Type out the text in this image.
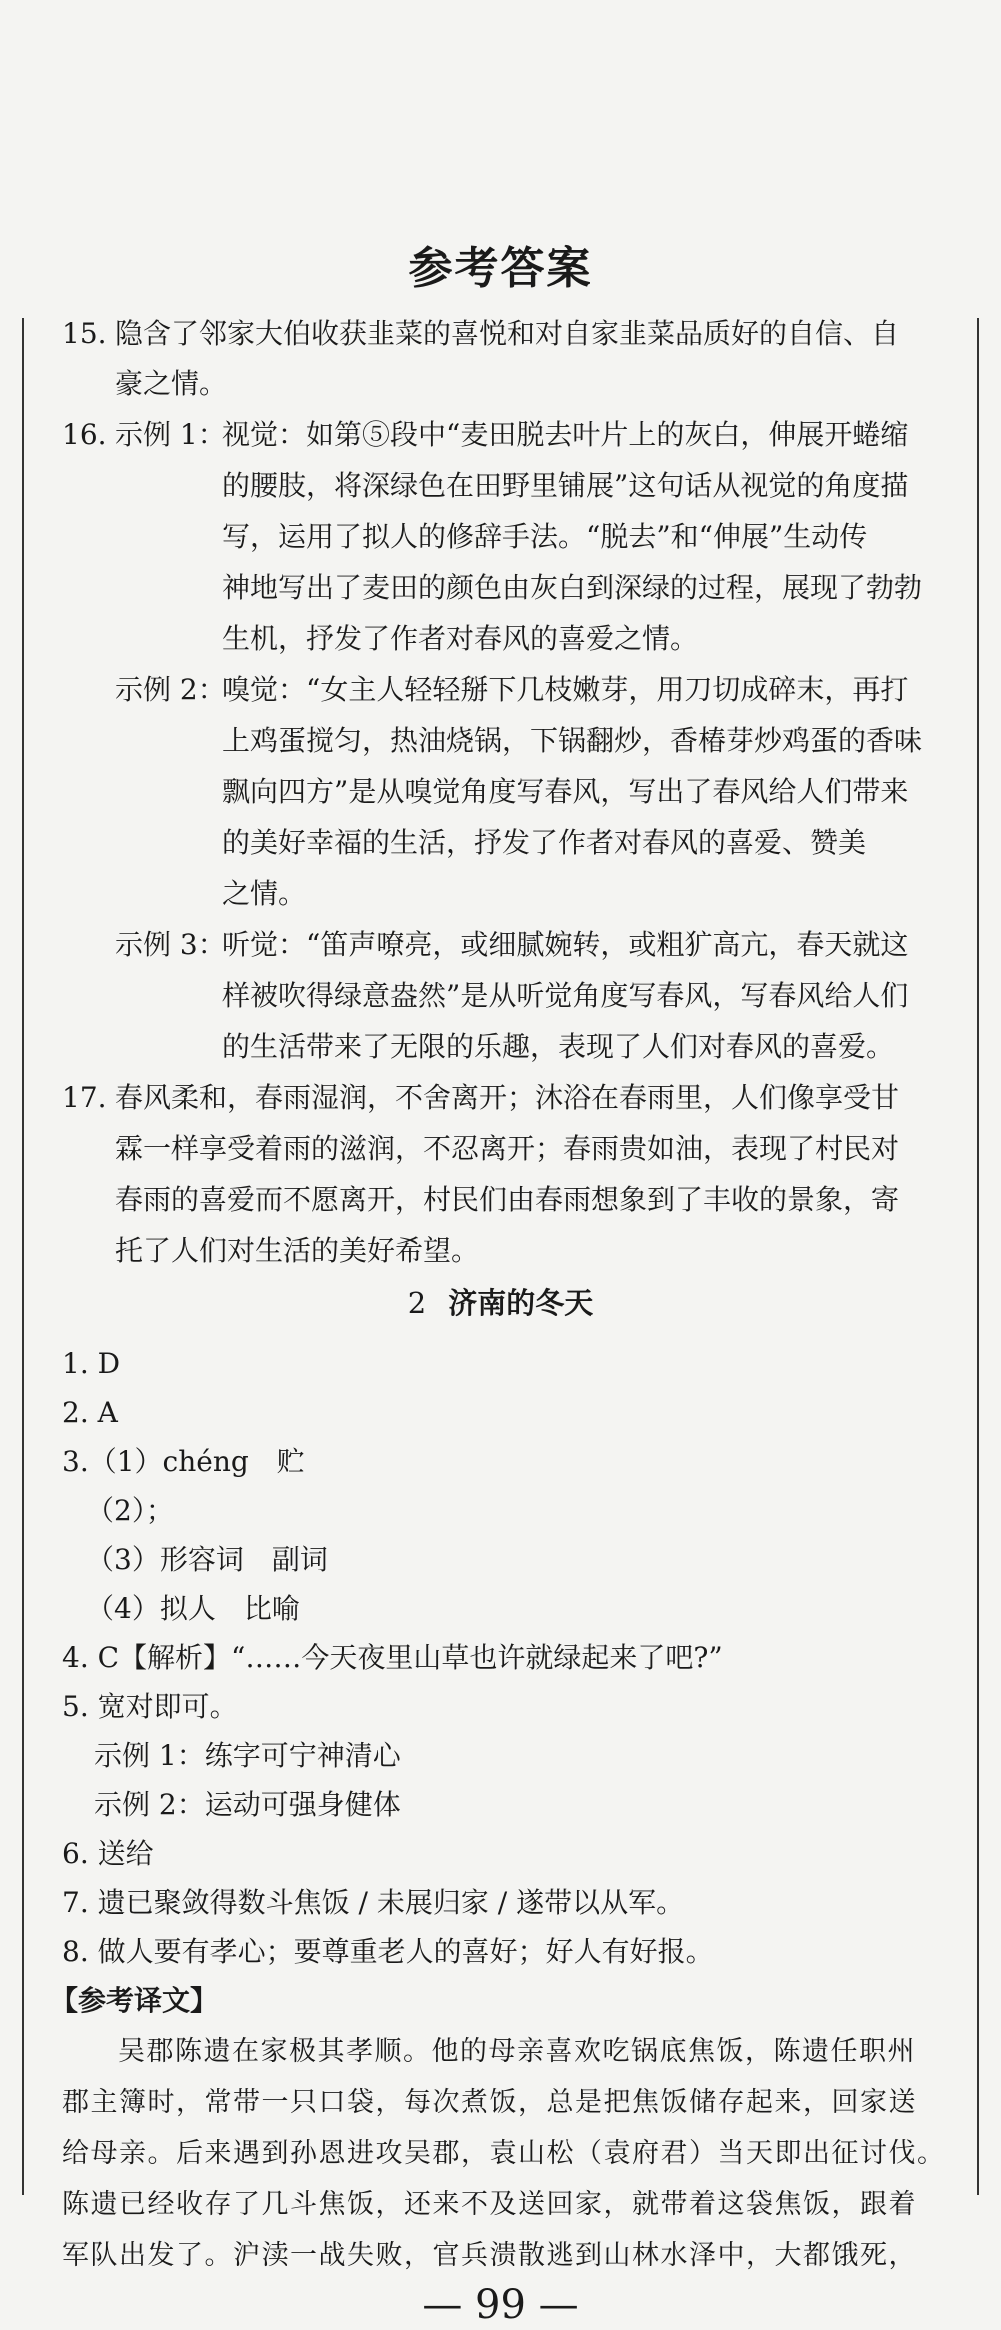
参考答案
15. 隐含了邻家大伯收获韭菜的喜悦和对自家韭菜品质好的自信、自
豪之情。
16. 示例 1：
视觉：如第⑤段中“麦田脱去叶片上的灰白，伸展开蜷缩
的腰肢，将深绿色在田野里铺展”这句话从视觉的角度描
写，运用了拟人的修辞手法。“脱去”和“伸展”生动传
神地写出了麦田的颜色由灰白到深绿的过程，展现了勃勃
生机，抒发了作者对春风的喜爱之情。
示例 2：
嗅觉：“女主人轻轻掰下几枝嫩芽，用刀切成碎末，再打
上鸡蛋搅匀，热油烧锅，下锅翻炒，香椿芽炒鸡蛋的香味
飘向四方”是从嗅觉角度写春风，写出了春风给人们带来
的美好幸福的生活，抒发了作者对春风的喜爱、赞美
之情。
示例 3：
听觉：“笛声嘹亮，或细腻婉转，或粗犷高亢，春天就这
样被吹得绿意盎然”是从听觉角度写春风，写春风给人们
的生活带来了无限的乐趣，表现了人们对春风的喜爱。
17. 春风柔和，春雨湿润，不舍离开；沐浴在春雨里，人们像享受甘
霖一样享受着雨的滋润，不忍离开；春雨贵如油，表现了村民对
春雨的喜爱而不愿离开，村民们由春雨想象到了丰收的景象，寄
托了人们对生活的美好希望。
2 济南的冬天
1. D
2. A
3.（1）chéng　贮
（2）；
（3）形容词　副词
（4）拟人　比喻
4. C【解析】“……今天夜里山草也许就绿起来了吧?”
5. 宽对即可。
示例 1：练字可宁神清心
示例 2：运动可强身健体
6. 送给
7. 遗已聚敛得数斗焦饭 / 未展归家 / 遂带以从军。
8. 做人要有孝心；要尊重老人的喜好；好人有好报。
【参考译文】
吴郡陈遗在家极其孝顺。他的母亲喜欢吃锅底焦饭，陈遗任职州
郡主簿时，常带一只口袋，每次煮饭，总是把焦饭储存起来，回家送
给母亲。后来遇到孙恩进攻吴郡，袁山松（袁府君）当天即出征讨伐。
陈遗已经收存了几斗焦饭，还来不及送回家，就带着这袋焦饭，跟着
军队出发了。沪渎一战失败，官兵溃散逃到山林水泽中，大都饿死，
— 99 —
